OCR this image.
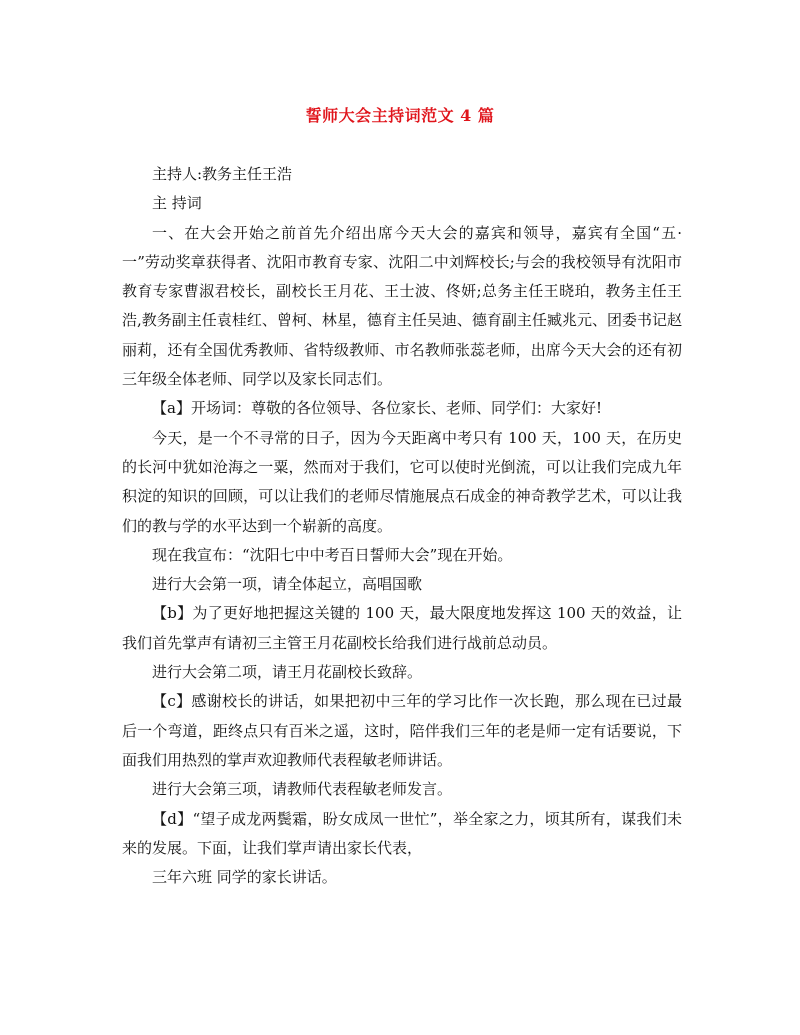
誓师大会主持词范文 4 篇

主持人:教务主任王浩

主 持词

一、在大会开始之前首先介绍出席今天大会的嘉宾和领导，嘉宾有全国“五·一”劳动奖章获得者、沈阳市教育专家、沈阳二中刘辉校长;与会的我校领导有沈阳市教育专家曹淑君校长，副校长王月花、王士波、佟妍;总务主任王晓珀，教务主任王浩,教务副主任袁桂红、曾柯、林星，德育主任吴迪、德育副主任臧兆元、团委书记赵丽莉，还有全国优秀教师、省特级教师、市名教师张蕊老师，出席今天大会的还有初三年级全体老师、同学以及家长同志们。

【a】开场词：尊敬的各位领导、各位家长、老师、同学们：大家好!

今天，是一个不寻常的日子，因为今天距离中考只有 100 天，100 天，在历史的长河中犹如沧海之一粟，然而对于我们，它可以使时光倒流，可以让我们完成九年积淀的知识的回顾，可以让我们的老师尽情施展点石成金的神奇教学艺术，可以让我们的教与学的水平达到一个崭新的高度。

现在我宣布：“沈阳七中中考百日誓师大会”现在开始。

进行大会第一项，请全体起立，高唱国歌

【b】为了更好地把握这关键的 100 天，最大限度地发挥这 100 天的效益，让我们首先掌声有请初三主管王月花副校长给我们进行战前总动员。

进行大会第二项，请王月花副校长致辞。

【c】感谢校长的讲话，如果把初中三年的学习比作一次长跑，那么现在已过最后一个弯道，距终点只有百米之遥，这时，陪伴我们三年的老是师一定有话要说，下面我们用热烈的掌声欢迎教师代表程敏老师讲话。

进行大会第三项，请教师代表程敏老师发言。

【d】“望子成龙两鬓霜，盼女成凤一世忙”，举全家之力，顷其所有，谋我们未来的发展。下面，让我们掌声请出家长代表，

三年六班 同学的家长讲话。
